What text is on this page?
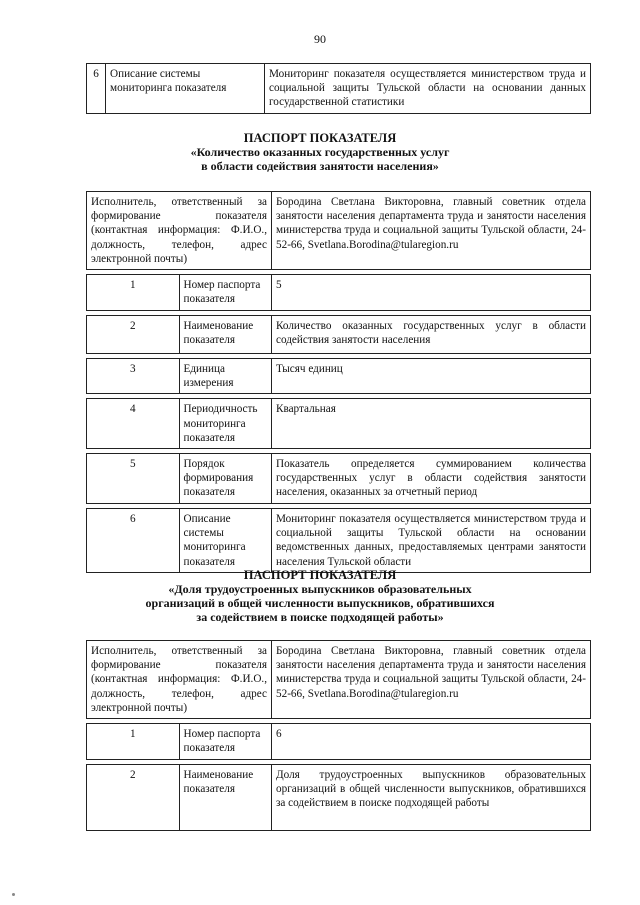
90
6	Описание системы мониторинга показателя	Мониторинг показателя осуществляется министерством труда и социальной защиты Тульской области на основании данных государственной статистики
ПАСПОРТ ПОКАЗАТЕЛЯ
«Количество оказанных государственных услуг
в области содействия занятости населения»
Исполнитель, ответственный за формирование показателя (контактная информация: Ф.И.О., должность, телефон, адрес электронной почты)		Бородина Светлана Викторовна, главный советник отдела занятости населения департамента труда и занятости населения министерства труда и социальной защиты Тульской области, 24-52-66, Svetlana.Borodina@tularegion.ru

1	Номер паспорта показателя	5

2	Наименование показателя	Количество оказанных государственных услуг в области содействия занятости населения

3	Единица измерения	Тысяч единиц

4	Периодичность мониторинга показателя	Квартальная

5	Порядок формирования показателя	Показатель определяется суммированием количества государственных услуг в области содействия занятости населения, оказанных за отчетный период

6	Описание системы мониторинга показателя	Мониторинг показателя осуществляется министерством труда и социальной защиты Тульской области на основании ведомственных данных, предоставляемых центрами занятости населения Тульской области
ПАСПОРТ ПОКАЗАТЕЛЯ
«Доля трудоустроенных выпускников образовательных
организаций в общей численности выпускников, обратившихся
за содействием в поиске подходящей работы»
Исполнитель, ответственный за формирование показателя (контактная информация: Ф.И.О., должность, телефон, адрес электронной почты)		Бородина Светлана Викторовна, главный советник отдела занятости населения департамента труда и занятости населения министерства труда и социальной защиты Тульской области, 24-52-66, Svetlana.Borodina@tularegion.ru

1	Номер паспорта показателя	6

2	Наименование показателя	Доля трудоустроенных выпускников образовательных организаций в общей численности выпускников, обратившихся за содействием в поиске подходящей работы
